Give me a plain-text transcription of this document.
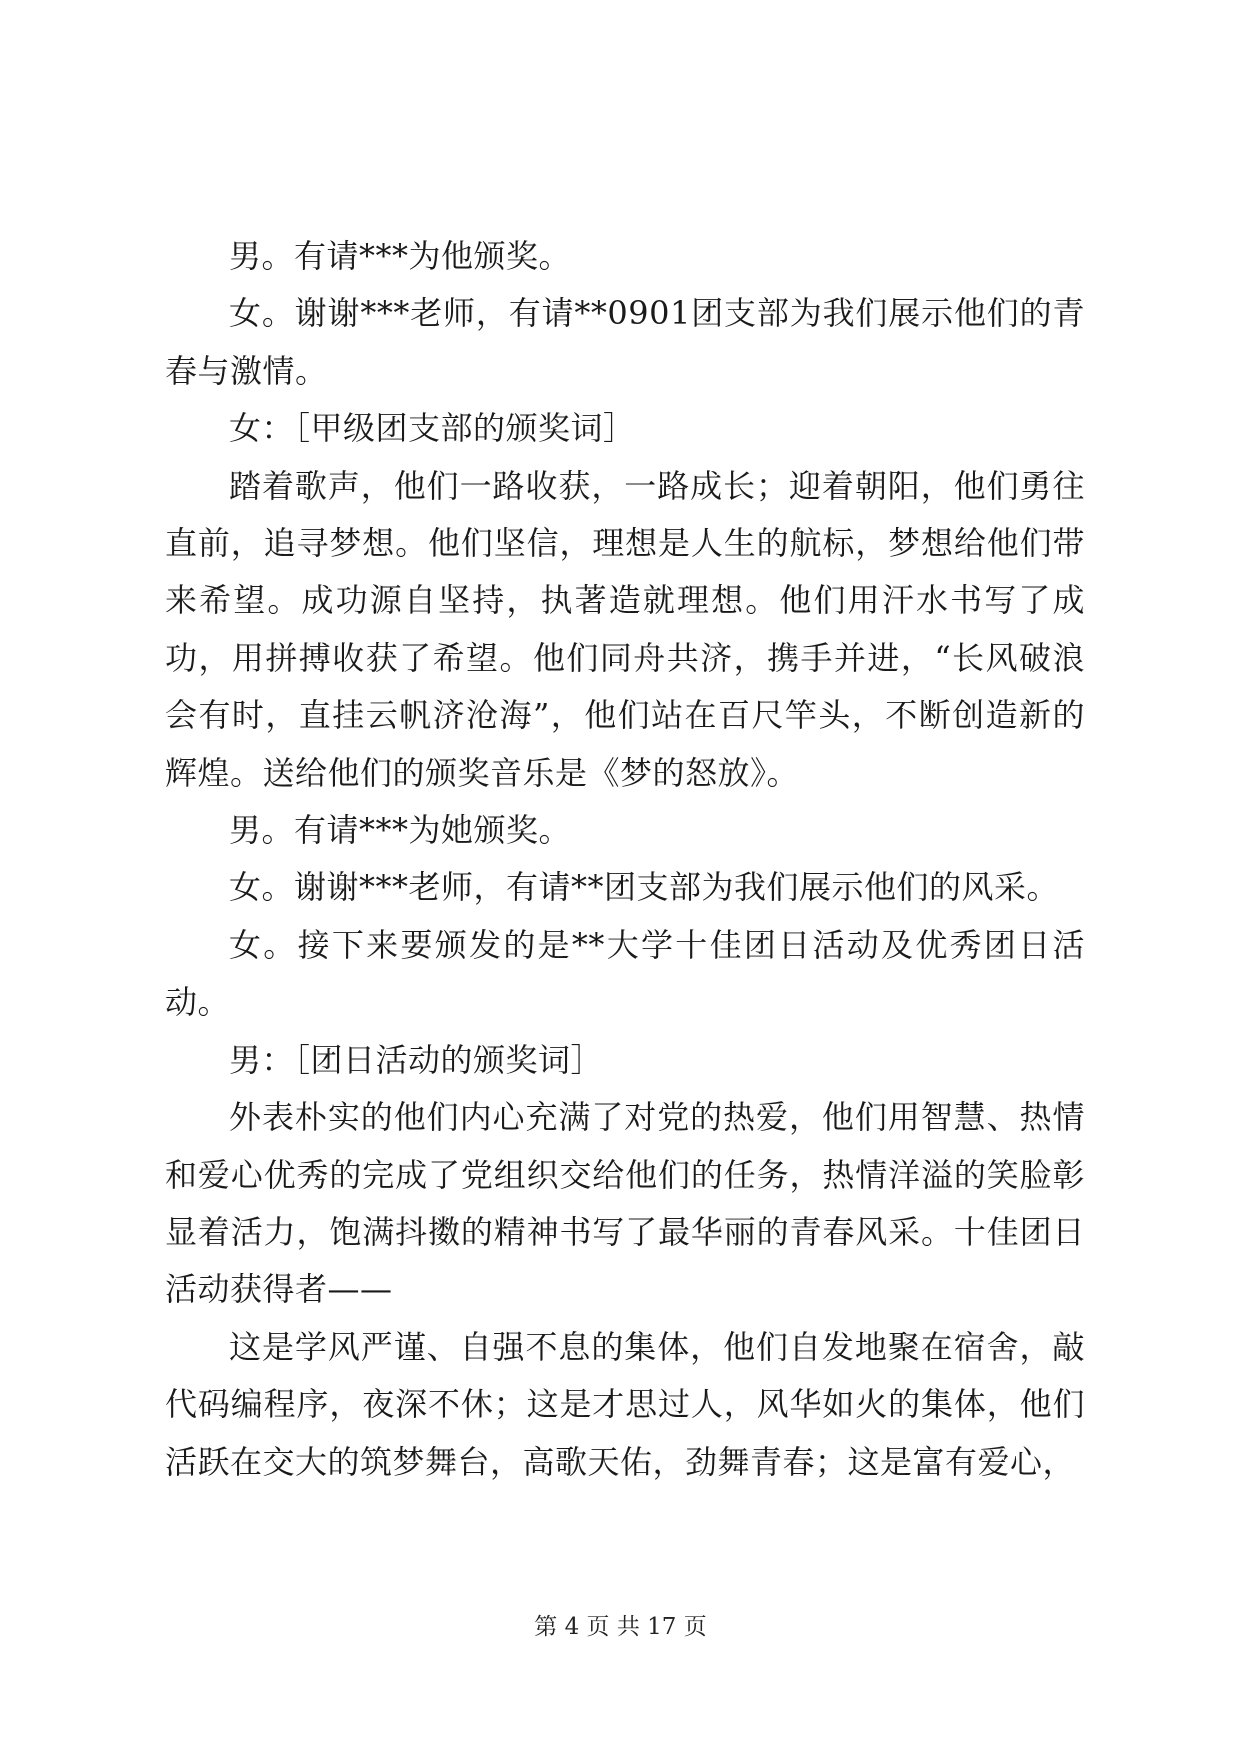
男。有请***为他颁奖。

女。谢谢***老师，有请**0901团支部为我们展示他们的青春与激情。

女：［甲级团支部的颁奖词］

踏着歌声，他们一路收获，一路成长；迎着朝阳，他们勇往直前，追寻梦想。他们坚信，理想是人生的航标，梦想给他们带来希望。成功源自坚持，执著造就理想。他们用汗水书写了成功，用拼搏收获了希望。他们同舟共济，携手并进，“长风破浪会有时，直挂云帆济沧海”，他们站在百尺竿头，不断创造新的辉煌。送给他们的颁奖音乐是《梦的怒放》。

男。有请***为她颁奖。

女。谢谢***老师，有请**团支部为我们展示他们的风采。

女。接下来要颁发的是**大学十佳团日活动及优秀团日活动。

男：［团日活动的颁奖词］

外表朴实的他们内心充满了对党的热爱，他们用智慧、热情和爱心优秀的完成了党组织交给他们的任务，热情洋溢的笑脸彰显着活力，饱满抖擞的精神书写了最华丽的青春风采。十佳团日活动获得者——

这是学风严谨、自强不息的集体，他们自发地聚在宿舍，敲代码编程序，夜深不休；这是才思过人，风华如火的集体，他们活跃在交大的筑梦舞台，高歌天佑，劲舞青春；这是富有爱心，

第 4 页 共 17 页
